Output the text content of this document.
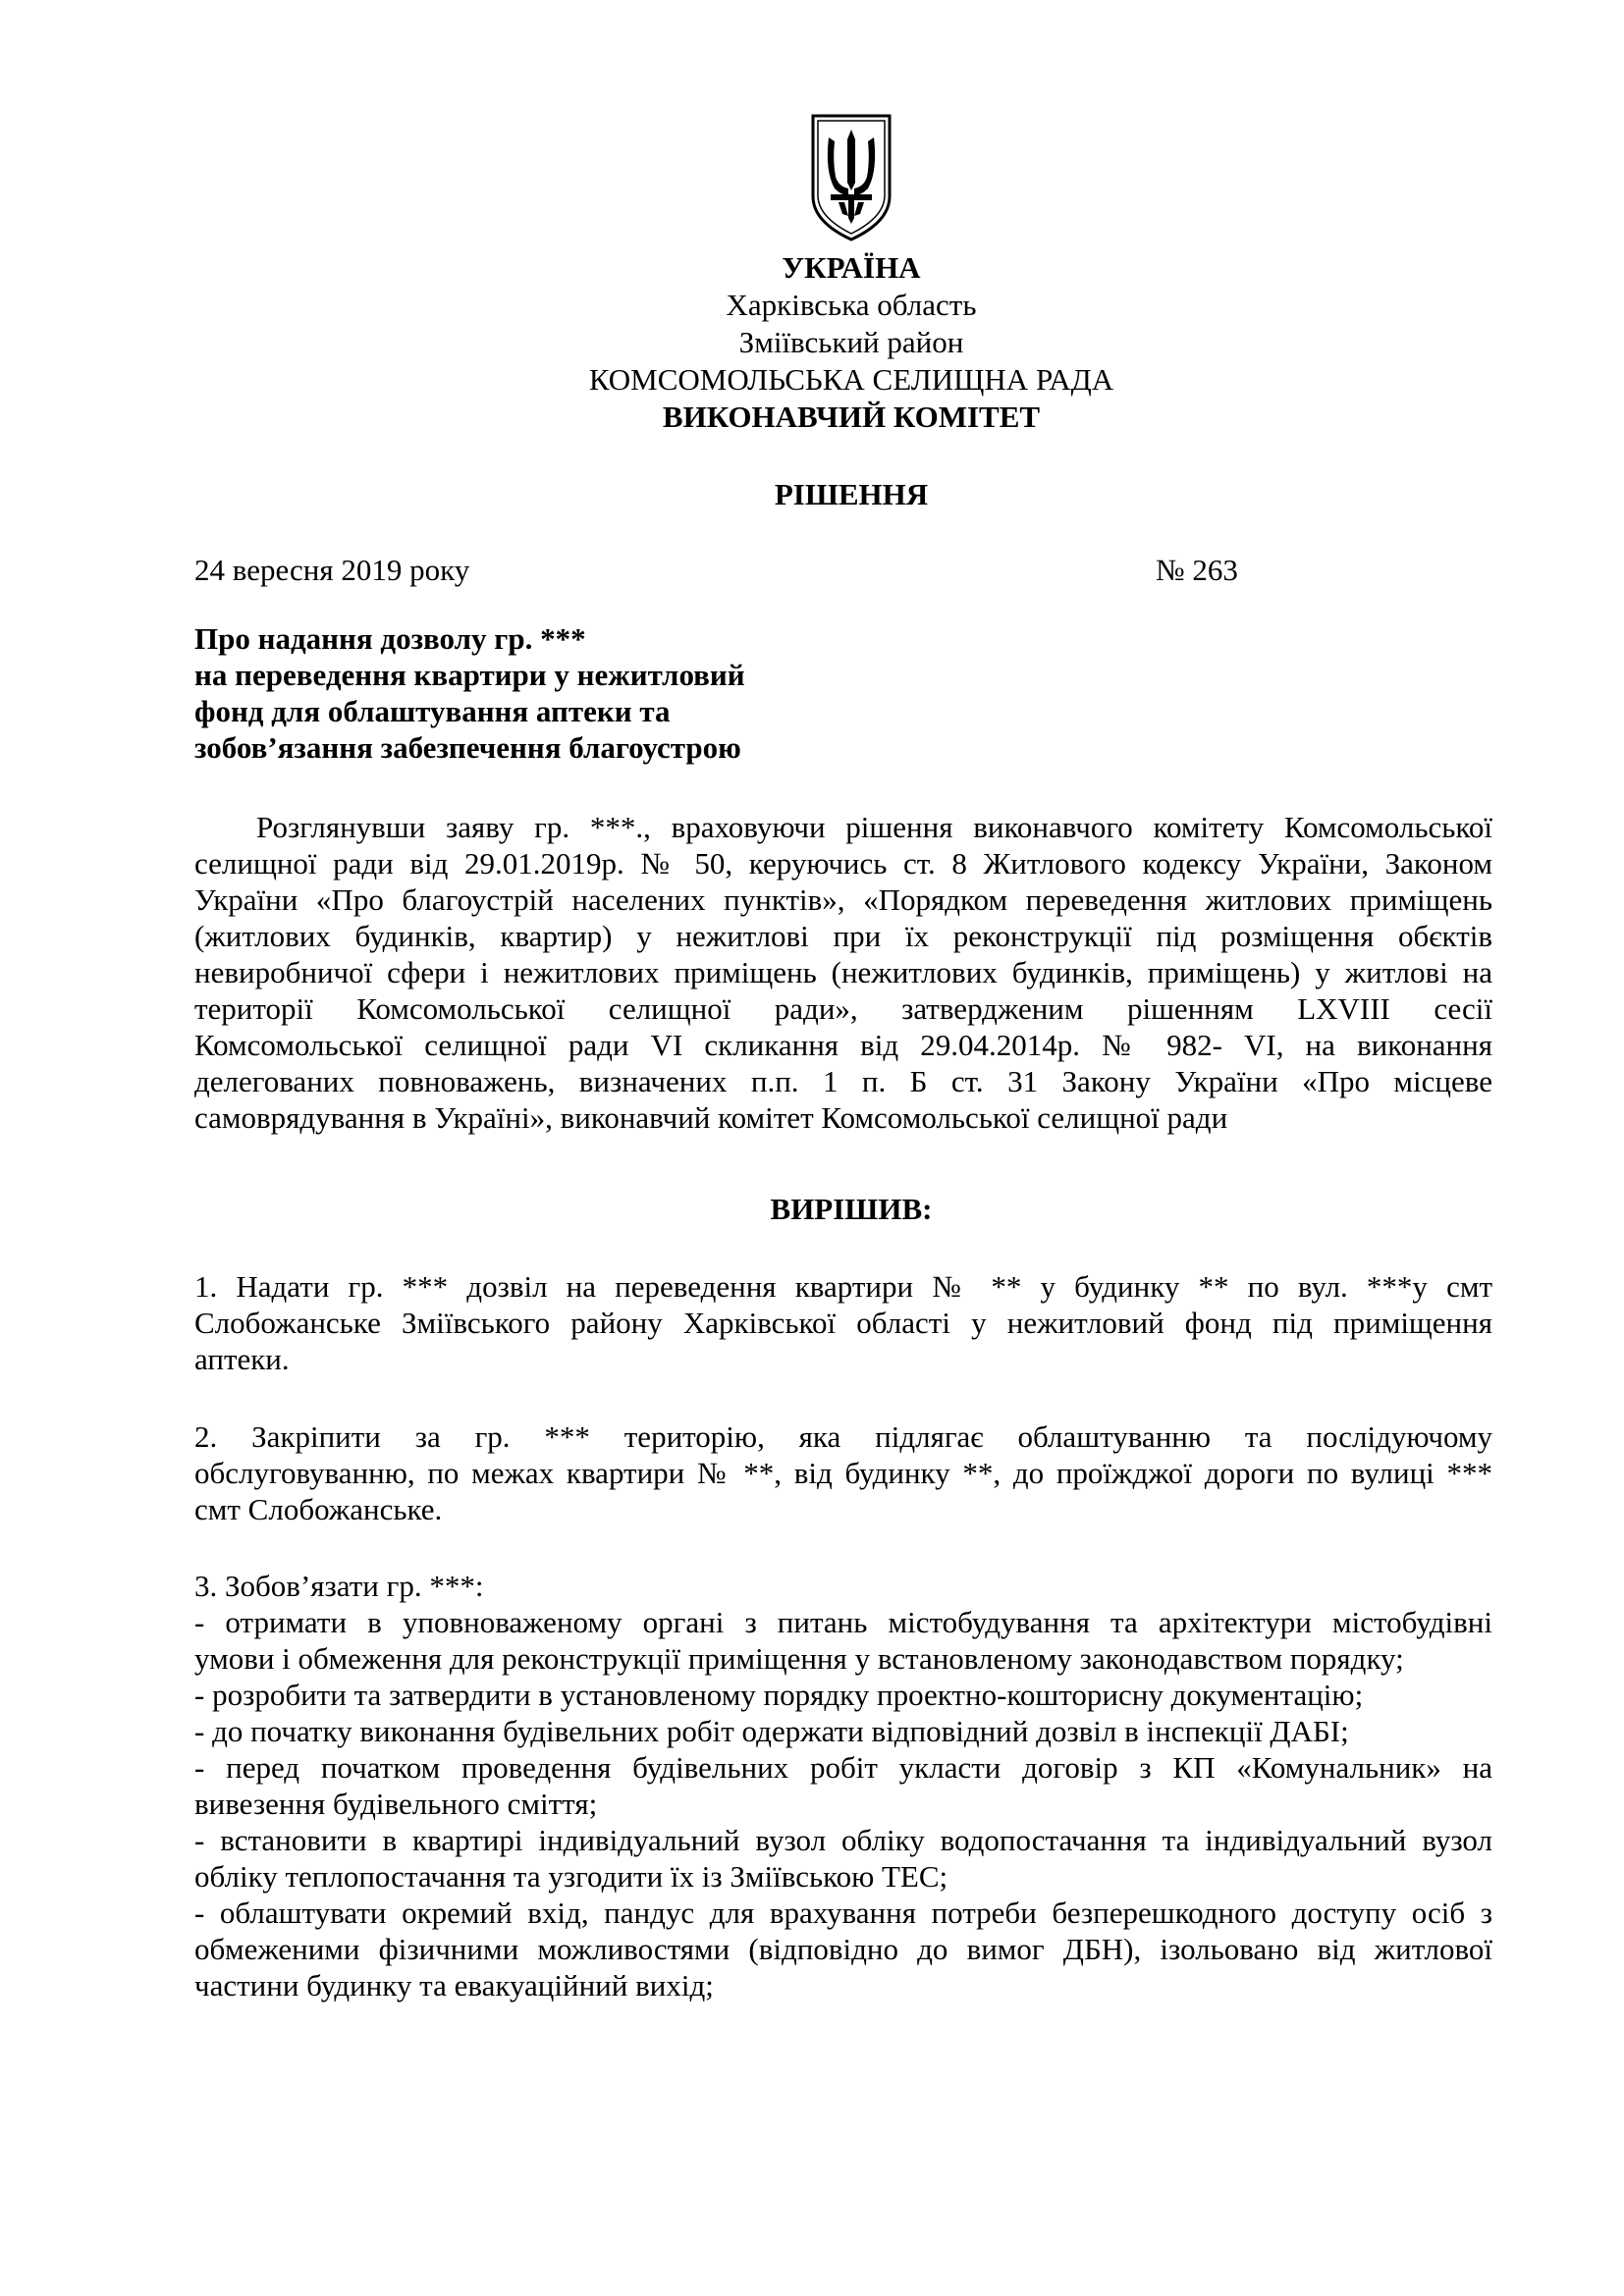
УКРАЇНА
Харківська область
Зміївський район
КОМСОМОЛЬСЬКА СЕЛИЩНА РАДА
ВИКОНАВЧИЙ КОМІТЕТ
РІШЕННЯ
24 вересня 2019 року	№ 263
Про надання дозволу гр. ***
на переведення квартири у нежитловий
фонд для облаштування аптеки та
зобов’язання забезпечення благоустрою
Розглянувши заяву гр. ***., враховуючи рішення виконавчого комітету Комсомольської
селищної ради від 29.01.2019р. № 50, керуючись ст. 8 Житлового кодексу України, Законом
України «Про благоустрій населених пунктів», «Порядком переведення житлових приміщень
(житлових будинків, квартир) у нежитлові при їх реконструкції під розміщення обєктів
невиробничої сфери і нежитлових приміщень (нежитлових будинків, приміщень) у житлові на
території Комсомольської селищної ради», затвердженим рішенням LXVIII сесії
Комсомольської селищної ради VI скликання від 29.04.2014р. № 982- VI, на виконання
делегованих повноважень, визначених п.п. 1 п. Б ст. 31 Закону України «Про місцеве
самоврядування в Україні», виконавчий комітет Комсомольської селищної ради
ВИРІШИВ:
1. Надати гр. *** дозвіл на переведення квартири № ** у будинку ** по вул. ***у смт
Слобожанське Зміївського району Харківської області у нежитловий фонд під приміщення
аптеки.
2. Закріпити за гр. *** територію, яка підлягає облаштуванню та послідуючому
обслуговуванню, по межах квартири № **, від будинку **, до проїжджої дороги по вулиці ***
смт Слобожанське.
3. Зобов’язати гр. ***:
- отримати в уповноваженому органі з питань містобудування та архітектури містобудівні
умови і обмеження для реконструкції приміщення у встановленому законодавством порядку;
- розробити та затвердити в установленому порядку проектно-кошторисну документацію;
- до початку виконання будівельних робіт одержати відповідний дозвіл в інспекції ДАБІ;
- перед початком проведення будівельних робіт укласти договір з КП «Комунальник» на
вивезення будівельного сміття;
- встановити в квартирі індивідуальний вузол обліку водопостачання та індивідуальний вузол
обліку теплопостачання та узгодити їх із Зміївською ТЕС;
- облаштувати окремий вхід, пандус для врахування потреби безперешкодного доступу осіб з
обмеженими фізичними можливостями (відповідно до вимог ДБН), ізольовано від житлової
частини будинку та евакуаційний вихід;
